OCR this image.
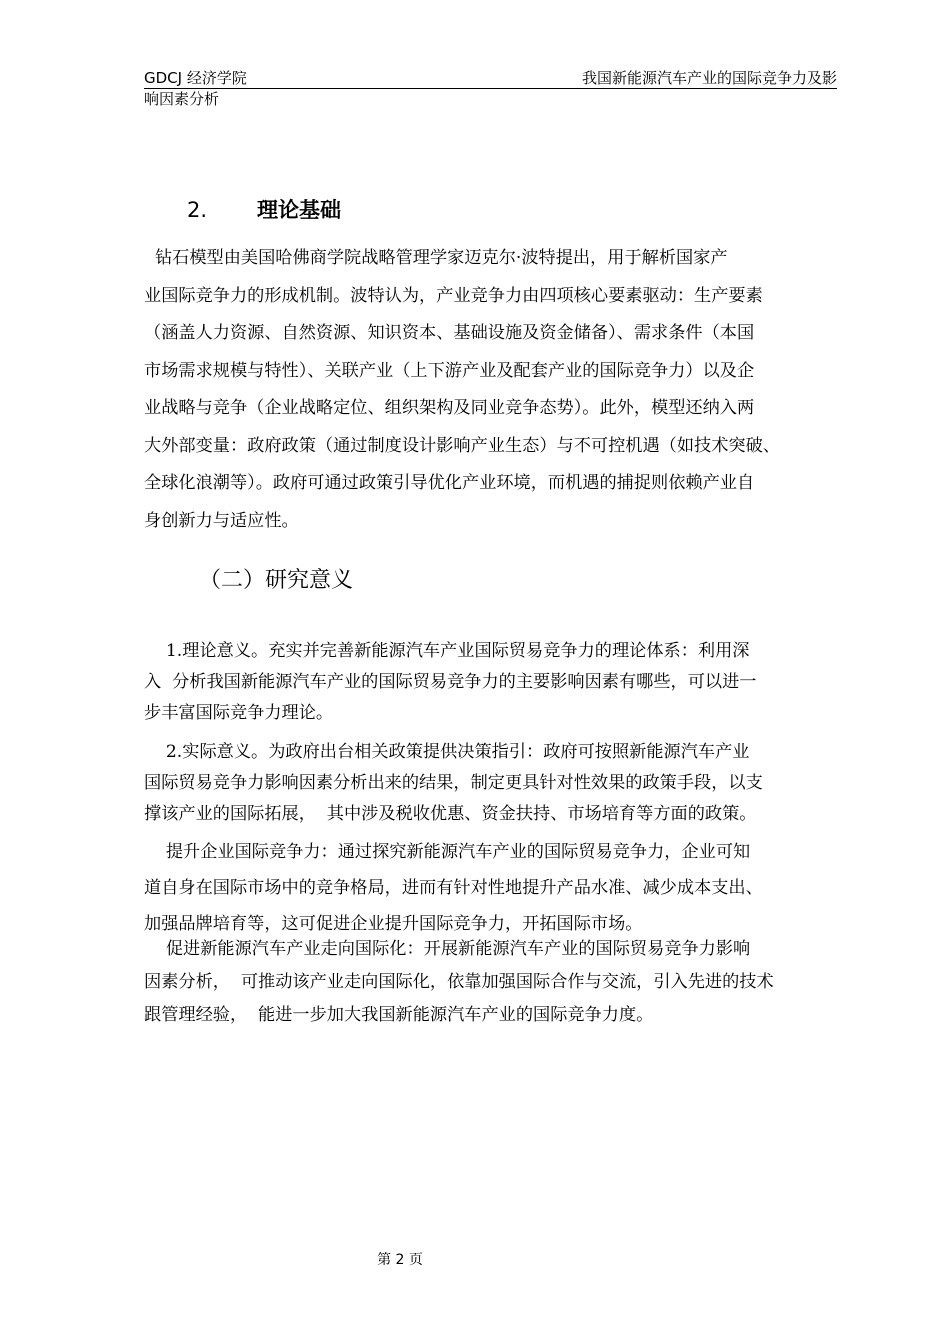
GDCJ 经济学院	我国新能源汽车产业的国际竞争力及影
响因素分析
2. 理论基础
钻石模型由美国哈佛商学院战略管理学家迈克尔·波特提出，用于解析国家产
业国际竞争力的形成机制。波特认为，产业竞争力由四项核心要素驱动：生产要素
（涵盖人力资源、自然资源、知识资本、基础设施及资金储备）、需求条件（本国
市场需求规模与特性）、关联产业（上下游产业及配套产业的国际竞争力）以及企
业战略与竞争（企业战略定位、组织架构及同业竞争态势）。此外，模型还纳入两
大外部变量：政府政策（通过制度设计影响产业生态）与不可控机遇（如技术突破、
全球化浪潮等）。政府可通过政策引导优化产业环境，而机遇的捕捉则依赖产业自
身创新力与适应性。
（二）研究意义
1.理论意义。充实并完善新能源汽车产业国际贸易竞争力的理论体系：利用深
入  分析我国新能源汽车产业的国际贸易竞争力的主要影响因素有哪些，可以进一
步丰富国际竞争力理论。
2.实际意义。为政府出台相关政策提供决策指引：政府可按照新能源汽车产业
国际贸易竞争力影响因素分析出来的结果，制定更具针对性效果的政策手段，以支
撑该产业的国际拓展，  其中涉及税收优惠、资金扶持、市场培育等方面的政策。
提升企业国际竞争力：通过探究新能源汽车产业的国际贸易竞争力，企业可知
道自身在国际市场中的竞争格局，进而有针对性地提升产品水准、减少成本支出、
加强品牌培育等，这可促进企业提升国际竞争力，开拓国际市场。
促进新能源汽车产业走向国际化：开展新能源汽车产业的国际贸易竞争力影响
因素分析，  可推动该产业走向国际化，依靠加强国际合作与交流，引入先进的技术
跟管理经验，  能进一步加大我国新能源汽车产业的国际竞争力度。
第 2 页
